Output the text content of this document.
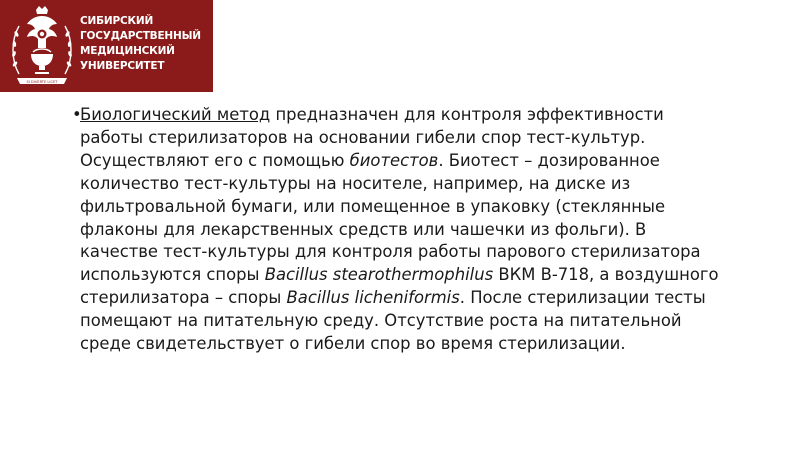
SI DIVERTE LICET
СИБИРСКИЙ
ГОСУДАРСТВЕННЫЙ
МЕДИЦИНСКИЙ
УНИВЕРСИТЕТ
•
Биологический метод предназначен для контроля эффективности работы стерилизаторов на основании гибели спор тест-культур. Осуществляют его с помощью биотестов. Биотест – дозированное количество тест-культуры на носителе, например, на диске из фильтровальной бумаги, или помещенное в упаковку (стеклянные флаконы для лекарственных средств или чашечки из фольги). В качестве тест-культуры для контроля работы парового стерилизатора используются споры Bacillus stearothermophilus ВКМ В-718, а воздушного стерилизатора – споры Bacillus licheniformis. После стерилизации тесты помещают на питательную среду. Отсутствие роста на питательной среде свидетельствует о гибели спор во время стерилизации.
